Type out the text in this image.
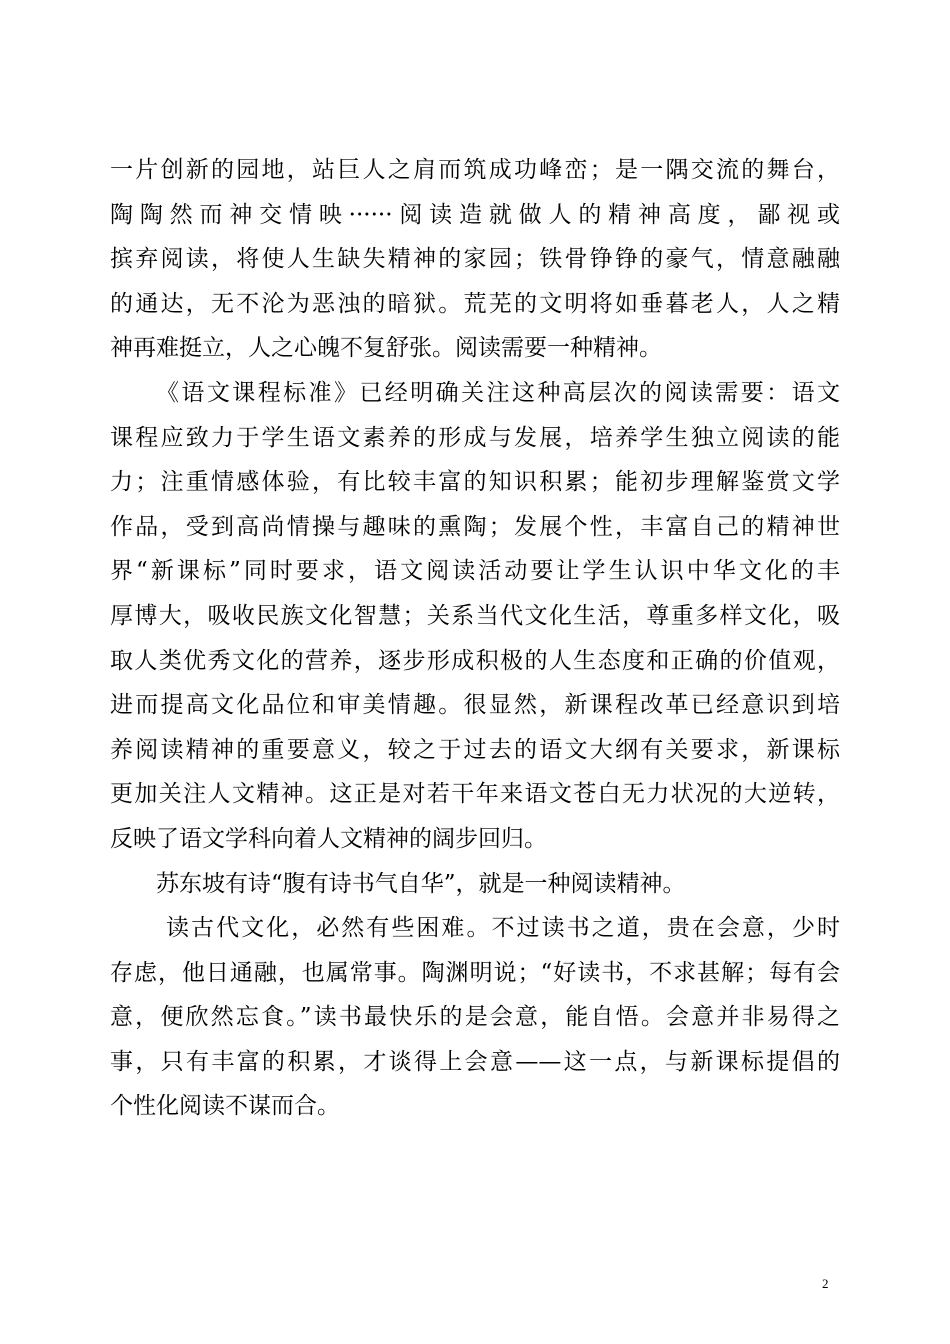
一片创新的园地，站巨人之肩而筑成功峰峦；是一隅交流的舞台，
陶陶然而神交情映······阅读造就做人的精神高度，鄙视或
摈弃阅读，将使人生缺失精神的家园；铁骨铮铮的豪气，情意融融
的通达，无不沦为恶浊的暗狱。荒芜的文明将如垂暮老人，人之精
神再难挺立，人之心魄不复舒张。阅读需要一种精神。
《语文课程标准》已经明确关注这种高层次的阅读需要：语文
课程应致力于学生语文素养的形成与发展，培养学生独立阅读的能
力；注重情感体验，有比较丰富的知识积累；能初步理解鉴赏文学
作品，受到高尚情操与趣味的熏陶；发展个性，丰富自己的精神世
界“新课标”同时要求，语文阅读活动要让学生认识中华文化的丰
厚博大，吸收民族文化智慧；关系当代文化生活，尊重多样文化，吸
取人类优秀文化的营养，逐步形成积极的人生态度和正确的价值观，
进而提高文化品位和审美情趣。很显然，新课程改革已经意识到培
养阅读精神的重要意义，较之于过去的语文大纲有关要求，新课标
更加关注人文精神。这正是对若干年来语文苍白无力状况的大逆转，
反映了语文学科向着人文精神的阔步回归。
苏东坡有诗“腹有诗书气自华”，就是一种阅读精神。
读古代文化，必然有些困难。不过读书之道，贵在会意，少时
存虑，他日通融，也属常事。陶渊明说；“好读书，不求甚解；每有会
意，便欣然忘食。”读书最快乐的是会意，能自悟。会意并非易得之
事，只有丰富的积累，才谈得上会意——这一点，与新课标提倡的
个性化阅读不谋而合。
2
